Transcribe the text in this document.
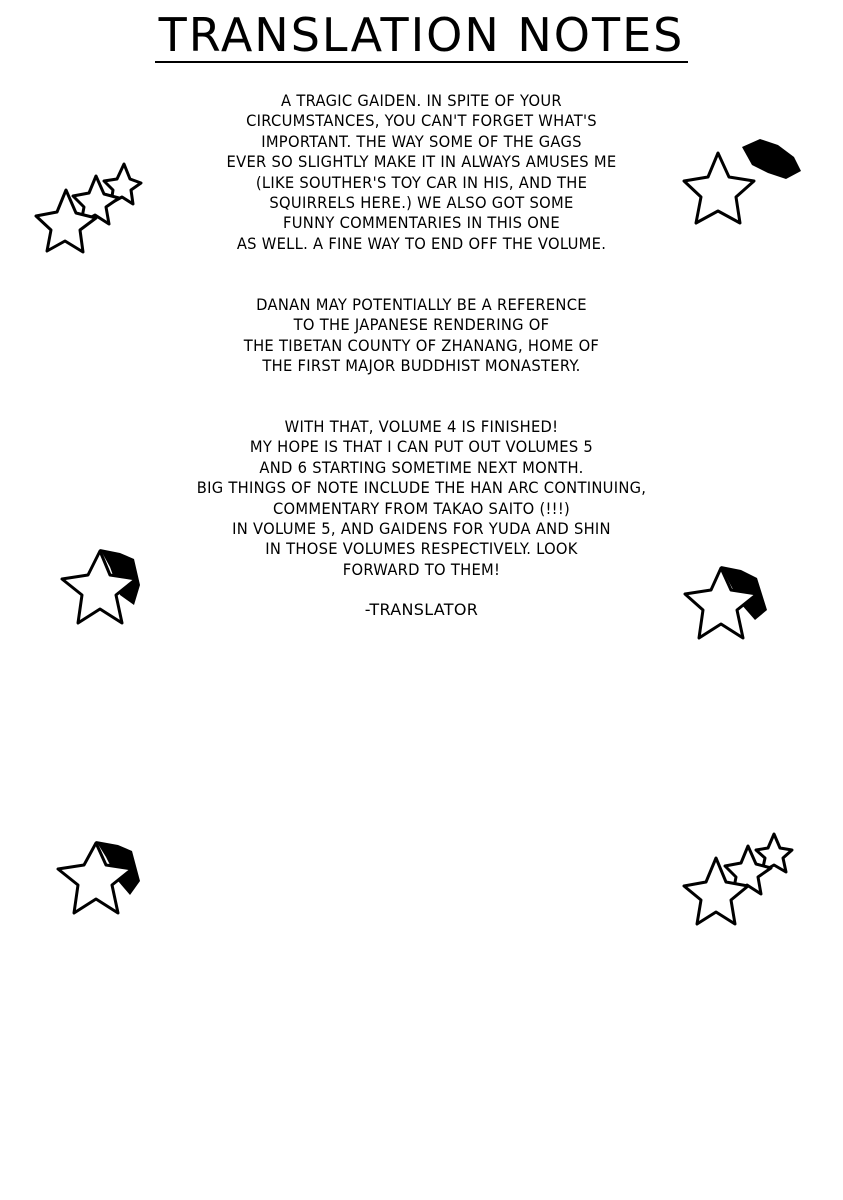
TRANSLATION NOTES
A TRAGIC GAIDEN. IN SPITE OF YOUR
CIRCUMSTANCES, YOU CAN'T FORGET WHAT'S
IMPORTANT. THE WAY SOME OF THE GAGS
EVER SO SLIGHTLY MAKE IT IN ALWAYS AMUSES ME
(LIKE SOUTHER'S TOY CAR IN HIS, AND THE
SQUIRRELS HERE.) WE ALSO GOT SOME
FUNNY COMMENTARIES IN THIS ONE
AS WELL. A FINE WAY TO END OFF THE VOLUME.
DANAN MAY POTENTIALLY BE A REFERENCE
TO THE JAPANESE RENDERING OF
THE TIBETAN COUNTY OF ZHANANG, HOME OF
THE FIRST MAJOR BUDDHIST MONASTERY.
WITH THAT, VOLUME 4 IS FINISHED!
MY HOPE IS THAT I CAN PUT OUT VOLUMES 5
AND 6 STARTING SOMETIME NEXT MONTH.
BIG THINGS OF NOTE INCLUDE THE HAN ARC CONTINUING,
COMMENTARY FROM TAKAO SAITO (!!!)
IN VOLUME 5, AND GAIDENS FOR YUDA AND SHIN
IN THOSE VOLUMES RESPECTIVELY. LOOK
FORWARD TO THEM!
-TRANSLATOR
